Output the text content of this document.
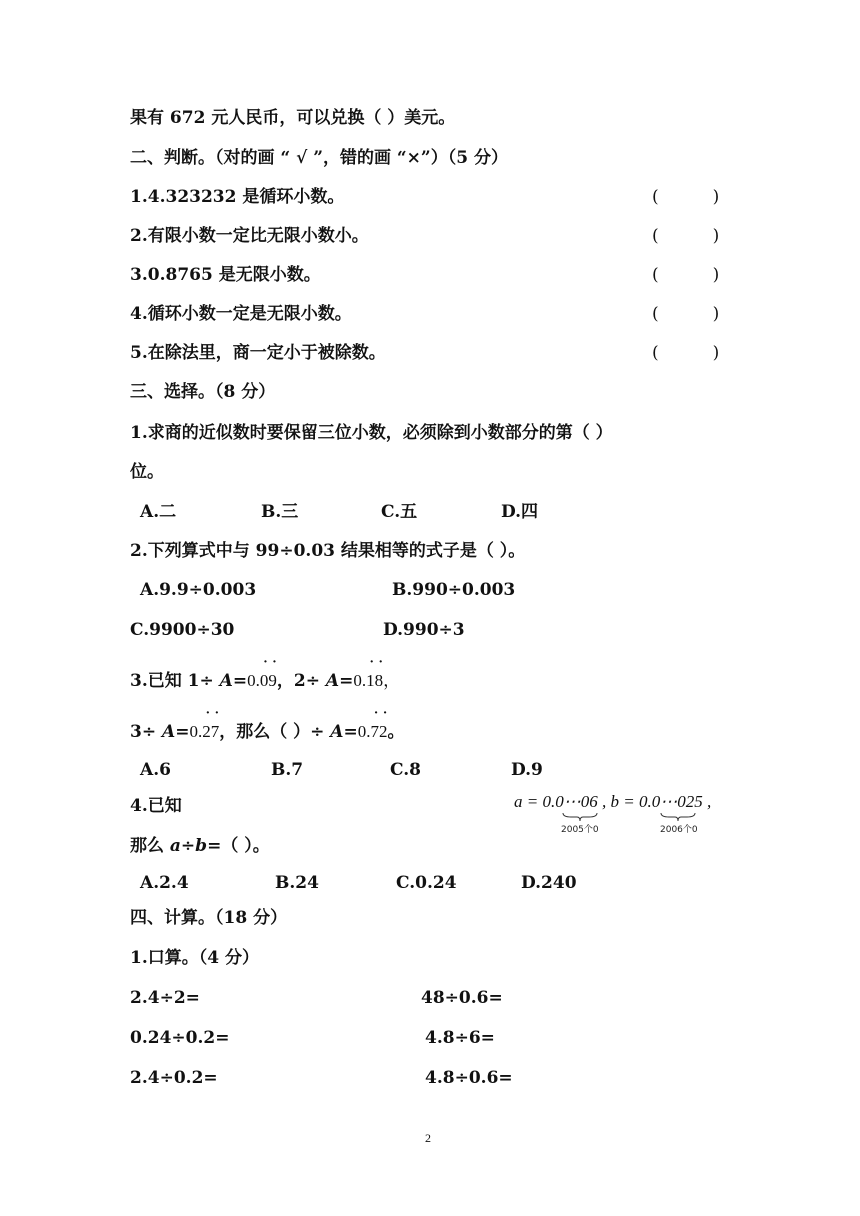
果有 672 元人民币，可以兑换（ ）美元。
二、判断。（对的画 “ √ ”，错的画 “×”）（5 分）
1.4.323232 是循环小数。	(          )
2.有限小数一定比无限小数小。	(          )
3.0.8765 是无限小数。	(          )
4.循环小数一定是无限小数。	(          )
5.在除法里，商一定小于被除数。	(          )
三、选择。（8 分）
1.求商的近似数时要保留三位小数，必须除到小数部分的第（ ）
位。
A.二	B.三	C.五	D.四
2.下列算式中与 99÷0.03 结果相等的式子是（ ）。
A.9.9÷0.003	B.990÷0.003
C.9900÷30	D.990÷3
3.已知 1÷ A=0.09
· ·
，2÷ A=0.18
· ·
，
3÷ A=0.27
· ·
，那么（ ）÷ A=0.72
· ·
。
A.6	B.7	C.8	D.9
4.已知	a = 0.0⋯06 , b = 0.0⋯025 ,
2005个0	2006个0
那么 a÷b=（ ）。
A.2.4	B.24	C.0.24	D.240
四、计算。（18 分）
1.口算。（4 分）
2.4÷2=	48÷0.6=
0.24÷0.2=	4.8÷6=
2.4÷0.2=	4.8÷0.6=
2
